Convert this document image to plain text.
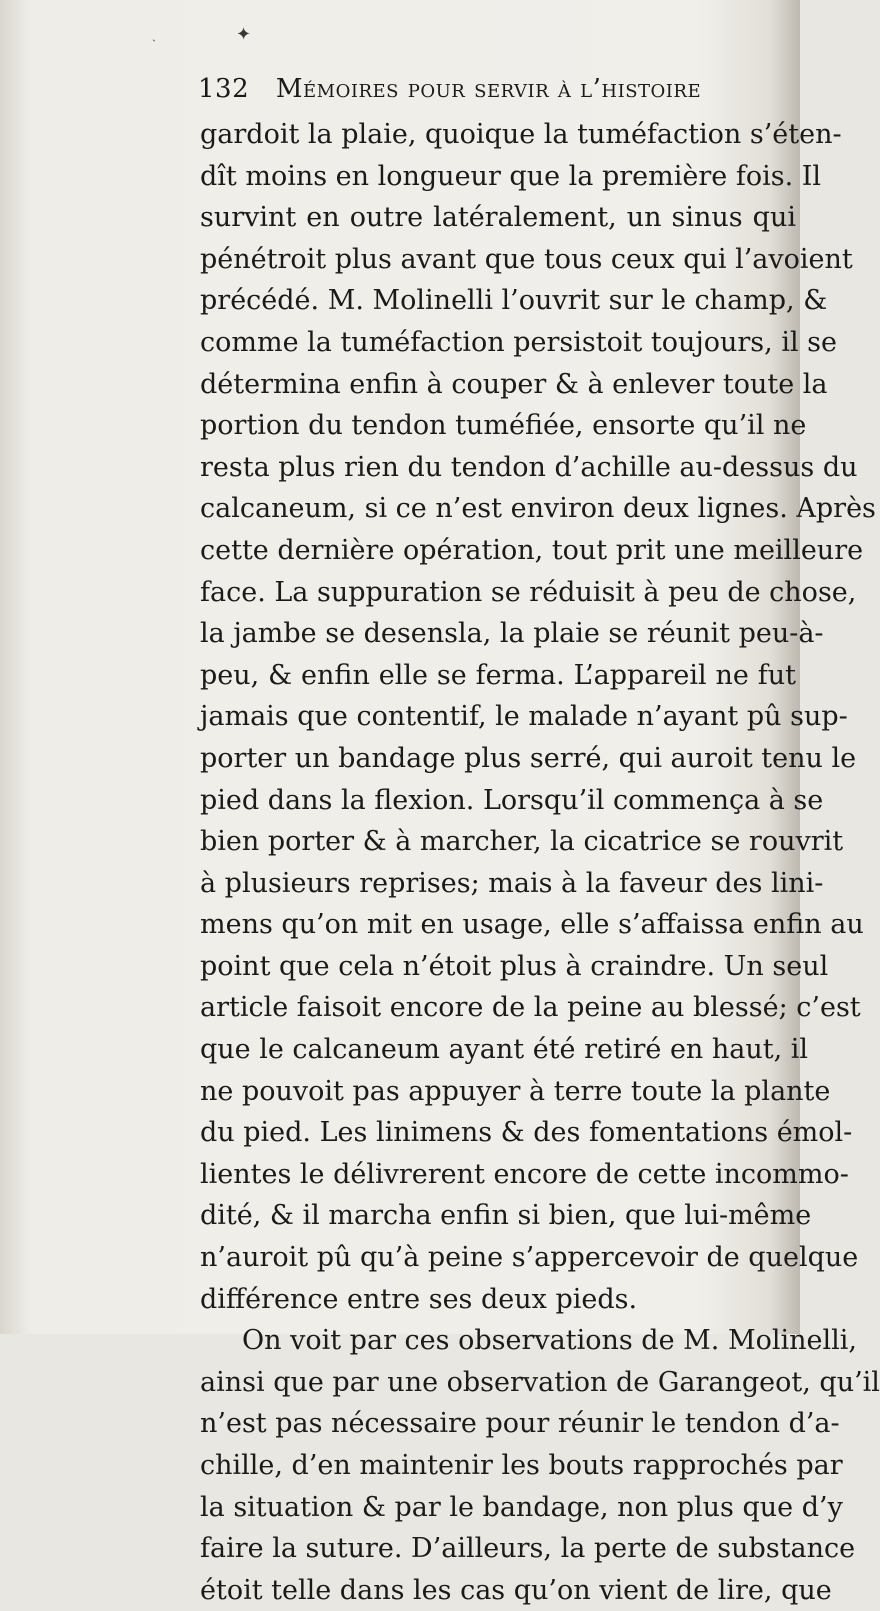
✦
ˎ
132 Mémoires pour servir à l’histoire
gardoit la plaie, quoique la tuméfaction s’éten-
dît moins en longueur que la première fois. Il
survint en outre latéralement, un sinus qui
pénétroit plus avant que tous ceux qui l’avoient
précédé. M. Molinelli l’ouvrit sur le champ, &
comme la tuméfaction persistoit toujours, il se
détermina enfin à couper & à enlever toute la
portion du tendon tuméfiée, ensorte qu’il ne
resta plus rien du tendon d’achille au-dessus du
calcaneum, si ce n’est environ deux lignes. Après
cette dernière opération, tout prit une meilleure
face. La suppuration se réduisit à peu de chose,
la jambe se desensla, la plaie se réunit peu-à-
peu, & enfin elle se ferma. L’appareil ne fut
jamais que contentif, le malade n’ayant pû sup-
porter un bandage plus serré, qui auroit tenu le
pied dans la flexion. Lorsqu’il commença à se
bien porter & à marcher, la cicatrice se rouvrit
à plusieurs reprises; mais à la faveur des lini-
mens qu’on mit en usage, elle s’affaissa enfin au
point que cela n’étoit plus à craindre. Un seul
article faisoit encore de la peine au blessé; c’est
que le calcaneum ayant été retiré en haut, il
ne pouvoit pas appuyer à terre toute la plante
du pied. Les linimens & des fomentations émol-
lientes le délivrerent encore de cette incommo-
dité, & il marcha enfin si bien, que lui-même
n’auroit pû qu’à peine s’appercevoir de quelque
différence entre ses deux pieds.
On voit par ces observations de M. Molinelli,
ainsi que par une observation de Garangeot, qu’il
n’est pas nécessaire pour réunir le tendon d’a-
chille, d’en maintenir les bouts rapprochés par
la situation & par le bandage, non plus que d’y
faire la suture. D’ailleurs, la perte de substance
étoit telle dans les cas qu’on vient de lire, que
